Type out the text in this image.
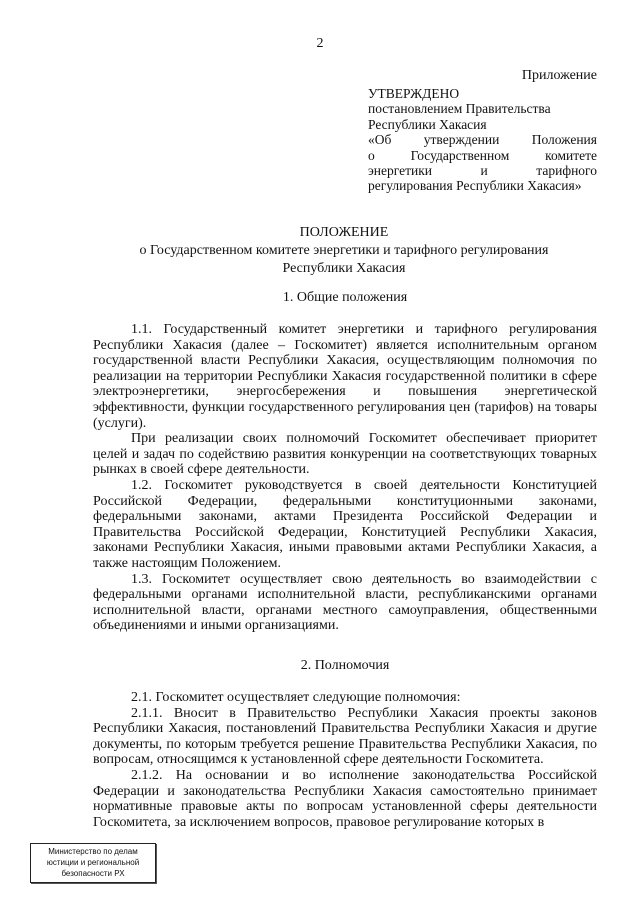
2
Приложение
УТВЕРЖДЕНО
постановлением Правительства
Республики Хакасия
«Об утверждении Положения
о Государственном комитете
энергетики и тарифного
регулирования Республики Хакасия»
ПОЛОЖЕНИЕ
о Государственном комитете энергетики и тарифного регулирования
Республики Хакасия
1. Общие положения

1.1. Государственный комитет энергетики и тарифного регулирования Республики Хакасия (далее – Госкомитет) является исполнительным органом государственной власти Республики Хакасия, осуществляющим полномочия по реализации на территории Республики Хакасия государственной политики в сфере электроэнергетики, энергосбережения и повышения энергетической эффективности, функции государственного регулирования цен (тарифов) на товары (услуги).

При реализации своих полномочий Госкомитет обеспечивает приоритет целей и задач по содействию развития конкуренции на соответствующих товарных рынках в своей сфере деятельности.

1.2. Госкомитет руководствуется в своей деятельности Конституцией Российской Федерации, федеральными конституционными законами, федеральными законами, актами Президента Российской Федерации и Правительства Российской Федерации, Конституцией Республики Хакасия, законами Республики Хакасия, иными правовыми актами Республики Хакасия, а также настоящим Положением.

1.3. Госкомитет осуществляет свою деятельность во взаимодействии с федеральными органами исполнительной власти, республиканскими органами исполнительной власти, органами местного самоуправления, общественными объединениями и иными организациями.

2. Полномочия

2.1. Госкомитет осуществляет следующие полномочия:

2.1.1. Вносит в Правительство Республики Хакасия проекты законов Республики Хакасия, постановлений Правительства Республики Хакасия и другие документы, по которым требуется решение Правительства Республики Хакасия, по вопросам, относящимся к установленной сфере деятельности Госкомитета.

2.1.2. На основании и во исполнение законодательства Российской Федерации и законодательства Республики Хакасия самостоятельно принимает нормативные правовые акты по вопросам установленной сферы деятельности Госкомитета, за исключением вопросов, правовое регулирование которых в

Министерство по делам
юстиции и региональной
безопасности РХ
